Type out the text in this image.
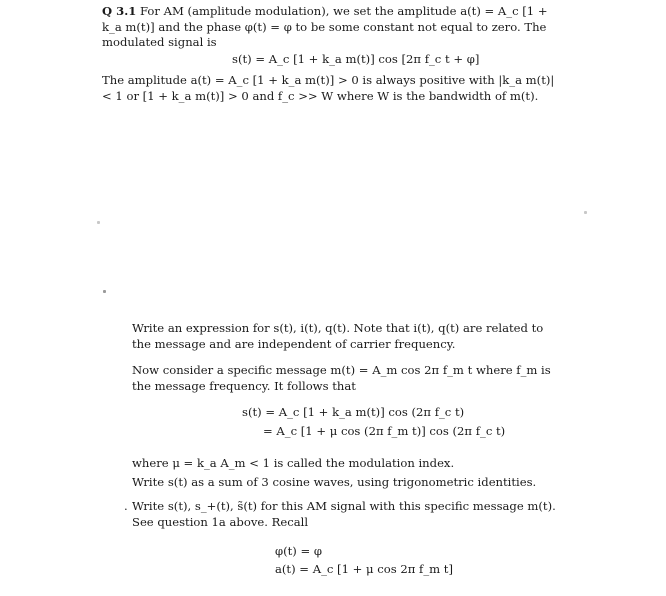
Q 3.1 For AM (amplitude modulation), we set the amplitude a(t) = A_c [1 + k_a m(t)] and the phase φ(t) = φ to be some constant not equal to zero. The modulated signal is
s(t) = A_c [1 + k_a m(t)] cos [2π f_c t + φ]
The amplitude a(t) = A_c [1 + k_a m(t)] > 0 is always positive with |k_a m(t)| < 1 or [1 + k_a m(t)] > 0 and f_c >> W where W is the bandwidth of m(t).
Write an expression for s(t), i(t), q(t). Note that i(t), q(t) are related to the message and are independent of carrier frequency.
Now consider a specific message m(t) = A_m cos 2π f_m t where f_m is the message frequency. It follows that
s(t) = A_c [1 + k_a m(t)] cos (2π f_c t)
= A_c [1 + μ cos (2π f_m t)] cos (2π f_c t)
where μ = k_a A_m < 1 is called the modulation index.
Write s(t) as a sum of 3 cosine waves, using trigonometric identities.
Write s(t), s_+(t), s̃(t) for this AM signal with this specific message m(t). See question 1a above. Recall
.
φ(t) = φ
a(t) = A_c [1 + μ cos 2π f_m t]
